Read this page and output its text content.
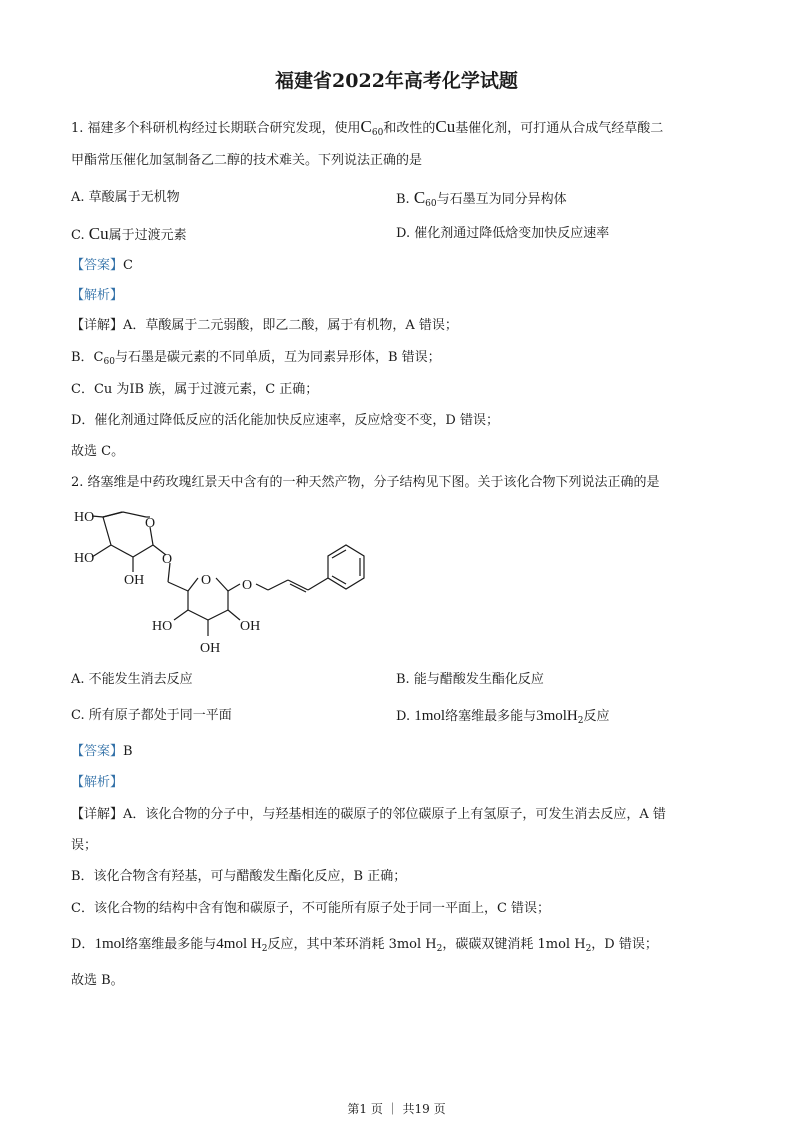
福建省2022年高考化学试题
1. 福建多个科研机构经过长期联合研究发现，使用$C_{60}$和改性的Cu基催化剂，可打通从合成气经草酸二
甲酯常压催化加氢制备乙二醇的技术难关。下列说法正确的是
A. 草酸属于无机物	B. $C_{60}$与石墨互为同分异构体
C. Cu属于过渡元素	D. 催化剂通过降低焓变加快反应速率
【答案】C
【解析】
【详解】A．草酸属于二元弱酸，即乙二酸，属于有机物，A 错误；
B．$C_{60}$与石墨是碳元素的不同单质，互为同素异形体，B 错误；
C．Cu 为IB 族，属于过渡元素，C 正确；
D．催化剂通过降低反应的活化能加快反应速率，反应焓变不变，D 错误；
故选 C。
2. 络塞维是中药玫瑰红景天中含有的一种天然产物，分子结构见下图。关于该化合物下列说法正确的是
HO
HO
OH
O
O
O O
HO	OH
OH
A. 不能发生消去反应	B. 能与醋酸发生酯化反应
C. 所有原子都处于同一平面	D. 1mol络塞维最多能与3molH$_2$反应
【答案】B
【解析】
【详解】A．该化合物的分子中，与羟基相连的碳原子的邻位碳原子上有氢原子，可发生消去反应，A 错
误；
B．该化合物含有羟基，可与醋酸发生酯化反应，B 正确；
C．该化合物的结构中含有饱和碳原子，不可能所有原子处于同一平面上，C 错误；
D．1mol络塞维最多能与4mol $H_2$反应，其中苯环消耗 3mol $H_2$，碳碳双键消耗 1mol $H_2$，D 错误；
故选 B。
第1 页 ｜ 共19 页
